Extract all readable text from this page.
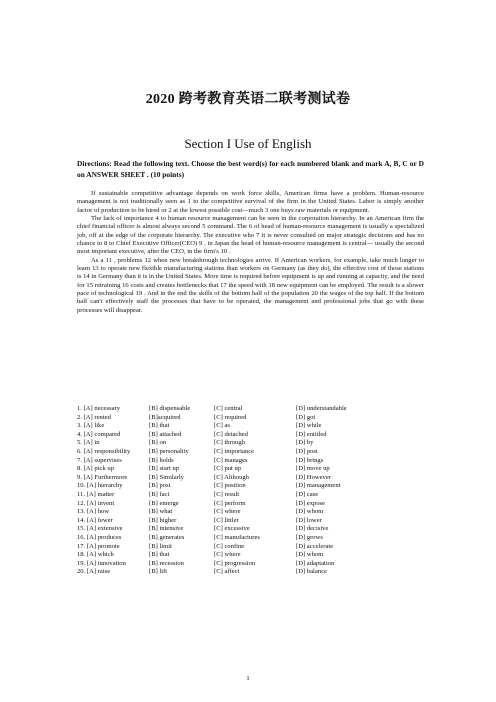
2020 跨考教育英语二联考测试卷
Section I Use of English
Directions: Read the following text. Choose the best word(s) for each numbered blank and mark A, B, C or D on ANSWER SHEET . (10 points)

If sustainable competitive advantage depends on work force skills, American firms have a problem. Human-resource management is not traditionally seen as 1 to the competitive survival of the firm in the United States. Labor is simply another factor of production to be hired or 2 at the lowest possible cost—much 3 one buys raw materials or equipment.

The lack of importance 4 to human resource management can be seen in the corporation hierarchy. In an American firm the chief financial officer is almost always second 5 command. The 6 of head of human-resource management is usually a specialized job, off at the edge of the corporate hierarchy. The executive who 7 it is never consulted on major strategic decisions and has no chance to 8 to Chief Executive Officer(CEO) 9 . in Japan the head of human-resource management is central— usually the second most important executive, after the CEO, in the firm's 10 .

As a 11 , problems 12 when new breakthrough technologies arrive. If American workers, for example, take much longer to learn 13 to operate new flexible manufacturing stations than workers on Germany (as they do), the effective cost of those stations is 14 in Germany than it is in the United States. More time is required before equipment is up and running at capacity, and the need for 15 retraining 16 costs and creates bottlenecks that 17 the speed with 18 new equipment can be employed. The result is a slower pace of technological 19 . And in the end the skills of the bottom half of the population 20 the wages of the top half. If the bottom half can't effectively staff the processes that have to be operated, the management and professional jobs that go with these processes will disappear.

1. [A] necessary	[B] dispensable	[C] central	[D] understandable
2. [A] rented	[B]acquired	[C] required	[D] got
3. [A] like	[B] that	[C] as	[D] while
4. [A] compared	[B] attached	[C] detached	[D] entitled
5. [A] in	[B] on	[C] through	[D] by
6. [A] responsibility	[B] personality	[C] importance	[D] post
7. [A] supervises	[B] holds	[C] manages	[D] brings
8. [A] pick up	[B] start up	[C] put up	[D] move up
9. [A] Furthermore	[B] Similarly	[C] Although	[D] However
10. [A] hierarchy	[B] post	[C] position	[D] management
11. [A] matter	[B] fact	[C] result	[D] case
12. [A] invent	[B] emerge	[C] perform	[D] expose
13. [A] how	[B] what	[C] where	[D] whom
14. [A] fewer	[B] higher	[C] littler	[D] lower
15. [A] extensive	[B] intensive	[C] excessive	[D] decisive
16. [A] produces	[B] generates	[C] manufactures	[D] grows
17. [A] promote	[B] limit	[C] confine	[D] accelerate
18. [A] which	[B] that	[C] where	[D] whom
19. [A] innovation	[B] recession	[C] progression	[D] adaptation
20. [A] raise	[B] lift	[C] affect	[D] balance
1
